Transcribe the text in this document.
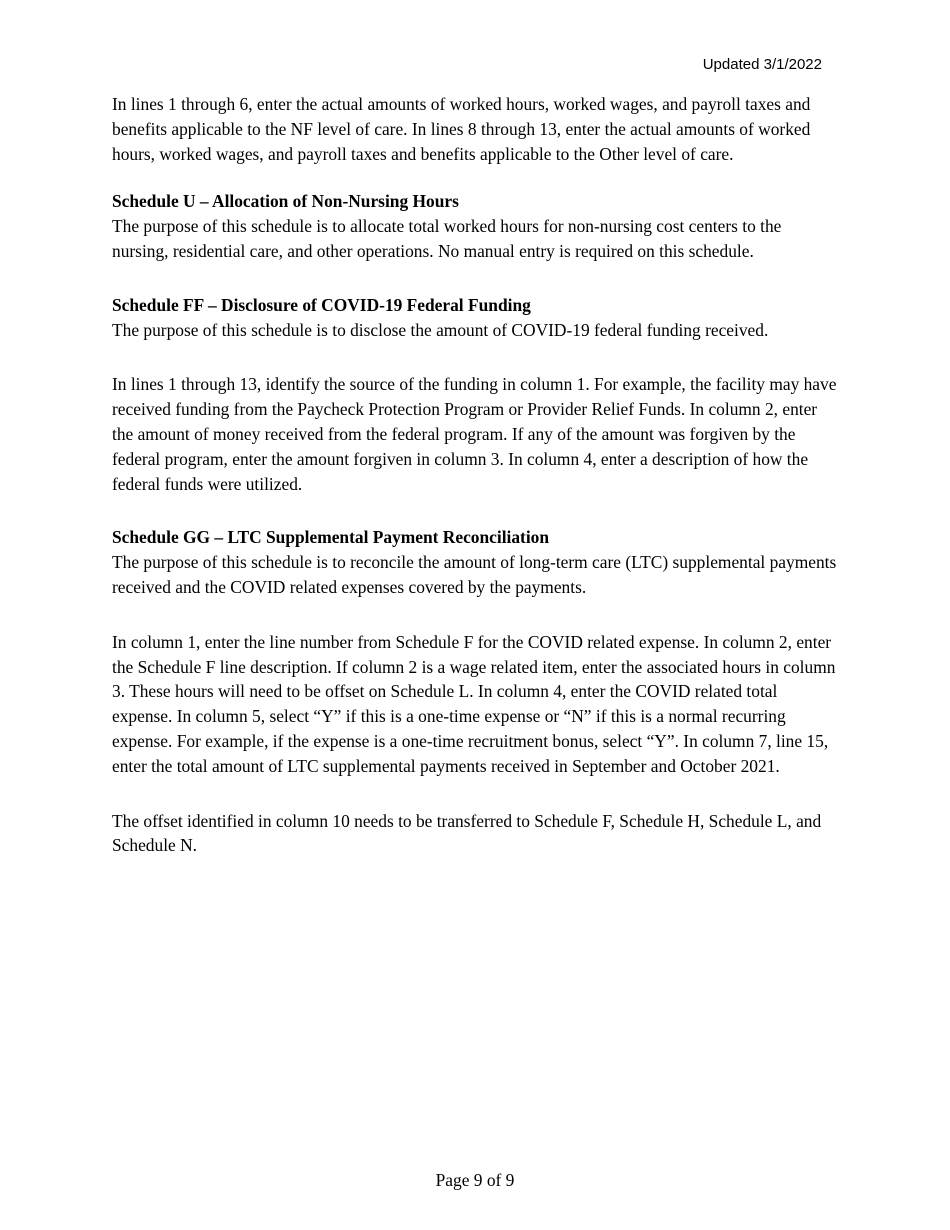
Updated 3/1/2022

In lines 1 through 6, enter the actual amounts of worked hours, worked wages, and payroll taxes and benefits applicable to the NF level of care. In lines 8 through 13, enter the actual amounts of worked hours, worked wages, and payroll taxes and benefits applicable to the Other level of care.

Schedule U – Allocation of Non-Nursing Hours

The purpose of this schedule is to allocate total worked hours for non-nursing cost centers to the nursing, residential care, and other operations. No manual entry is required on this schedule.

Schedule FF – Disclosure of COVID-19 Federal Funding

The purpose of this schedule is to disclose the amount of COVID-19 federal funding received.

In lines 1 through 13, identify the source of the funding in column 1. For example, the facility may have received funding from the Paycheck Protection Program or Provider Relief Funds. In column 2, enter the amount of money received from the federal program. If any of the amount was forgiven by the federal program, enter the amount forgiven in column 3. In column 4, enter a description of how the federal funds were utilized.

Schedule GG – LTC Supplemental Payment Reconciliation

The purpose of this schedule is to reconcile the amount of long-term care (LTC) supplemental payments received and the COVID related expenses covered by the payments.

In column 1, enter the line number from Schedule F for the COVID related expense. In column 2, enter the Schedule F line description. If column 2 is a wage related item, enter the associated hours in column 3. These hours will need to be offset on Schedule L. In column 4, enter the COVID related total expense. In column 5, select “Y” if this is a one-time expense or “N” if this is a normal recurring expense. For example, if the expense is a one-time recruitment bonus, select “Y”. In column 7, line 15, enter the total amount of LTC supplemental payments received in September and October 2021.

The offset identified in column 10 needs to be transferred to Schedule F, Schedule H, Schedule L, and Schedule N.

Page 9 of 9
